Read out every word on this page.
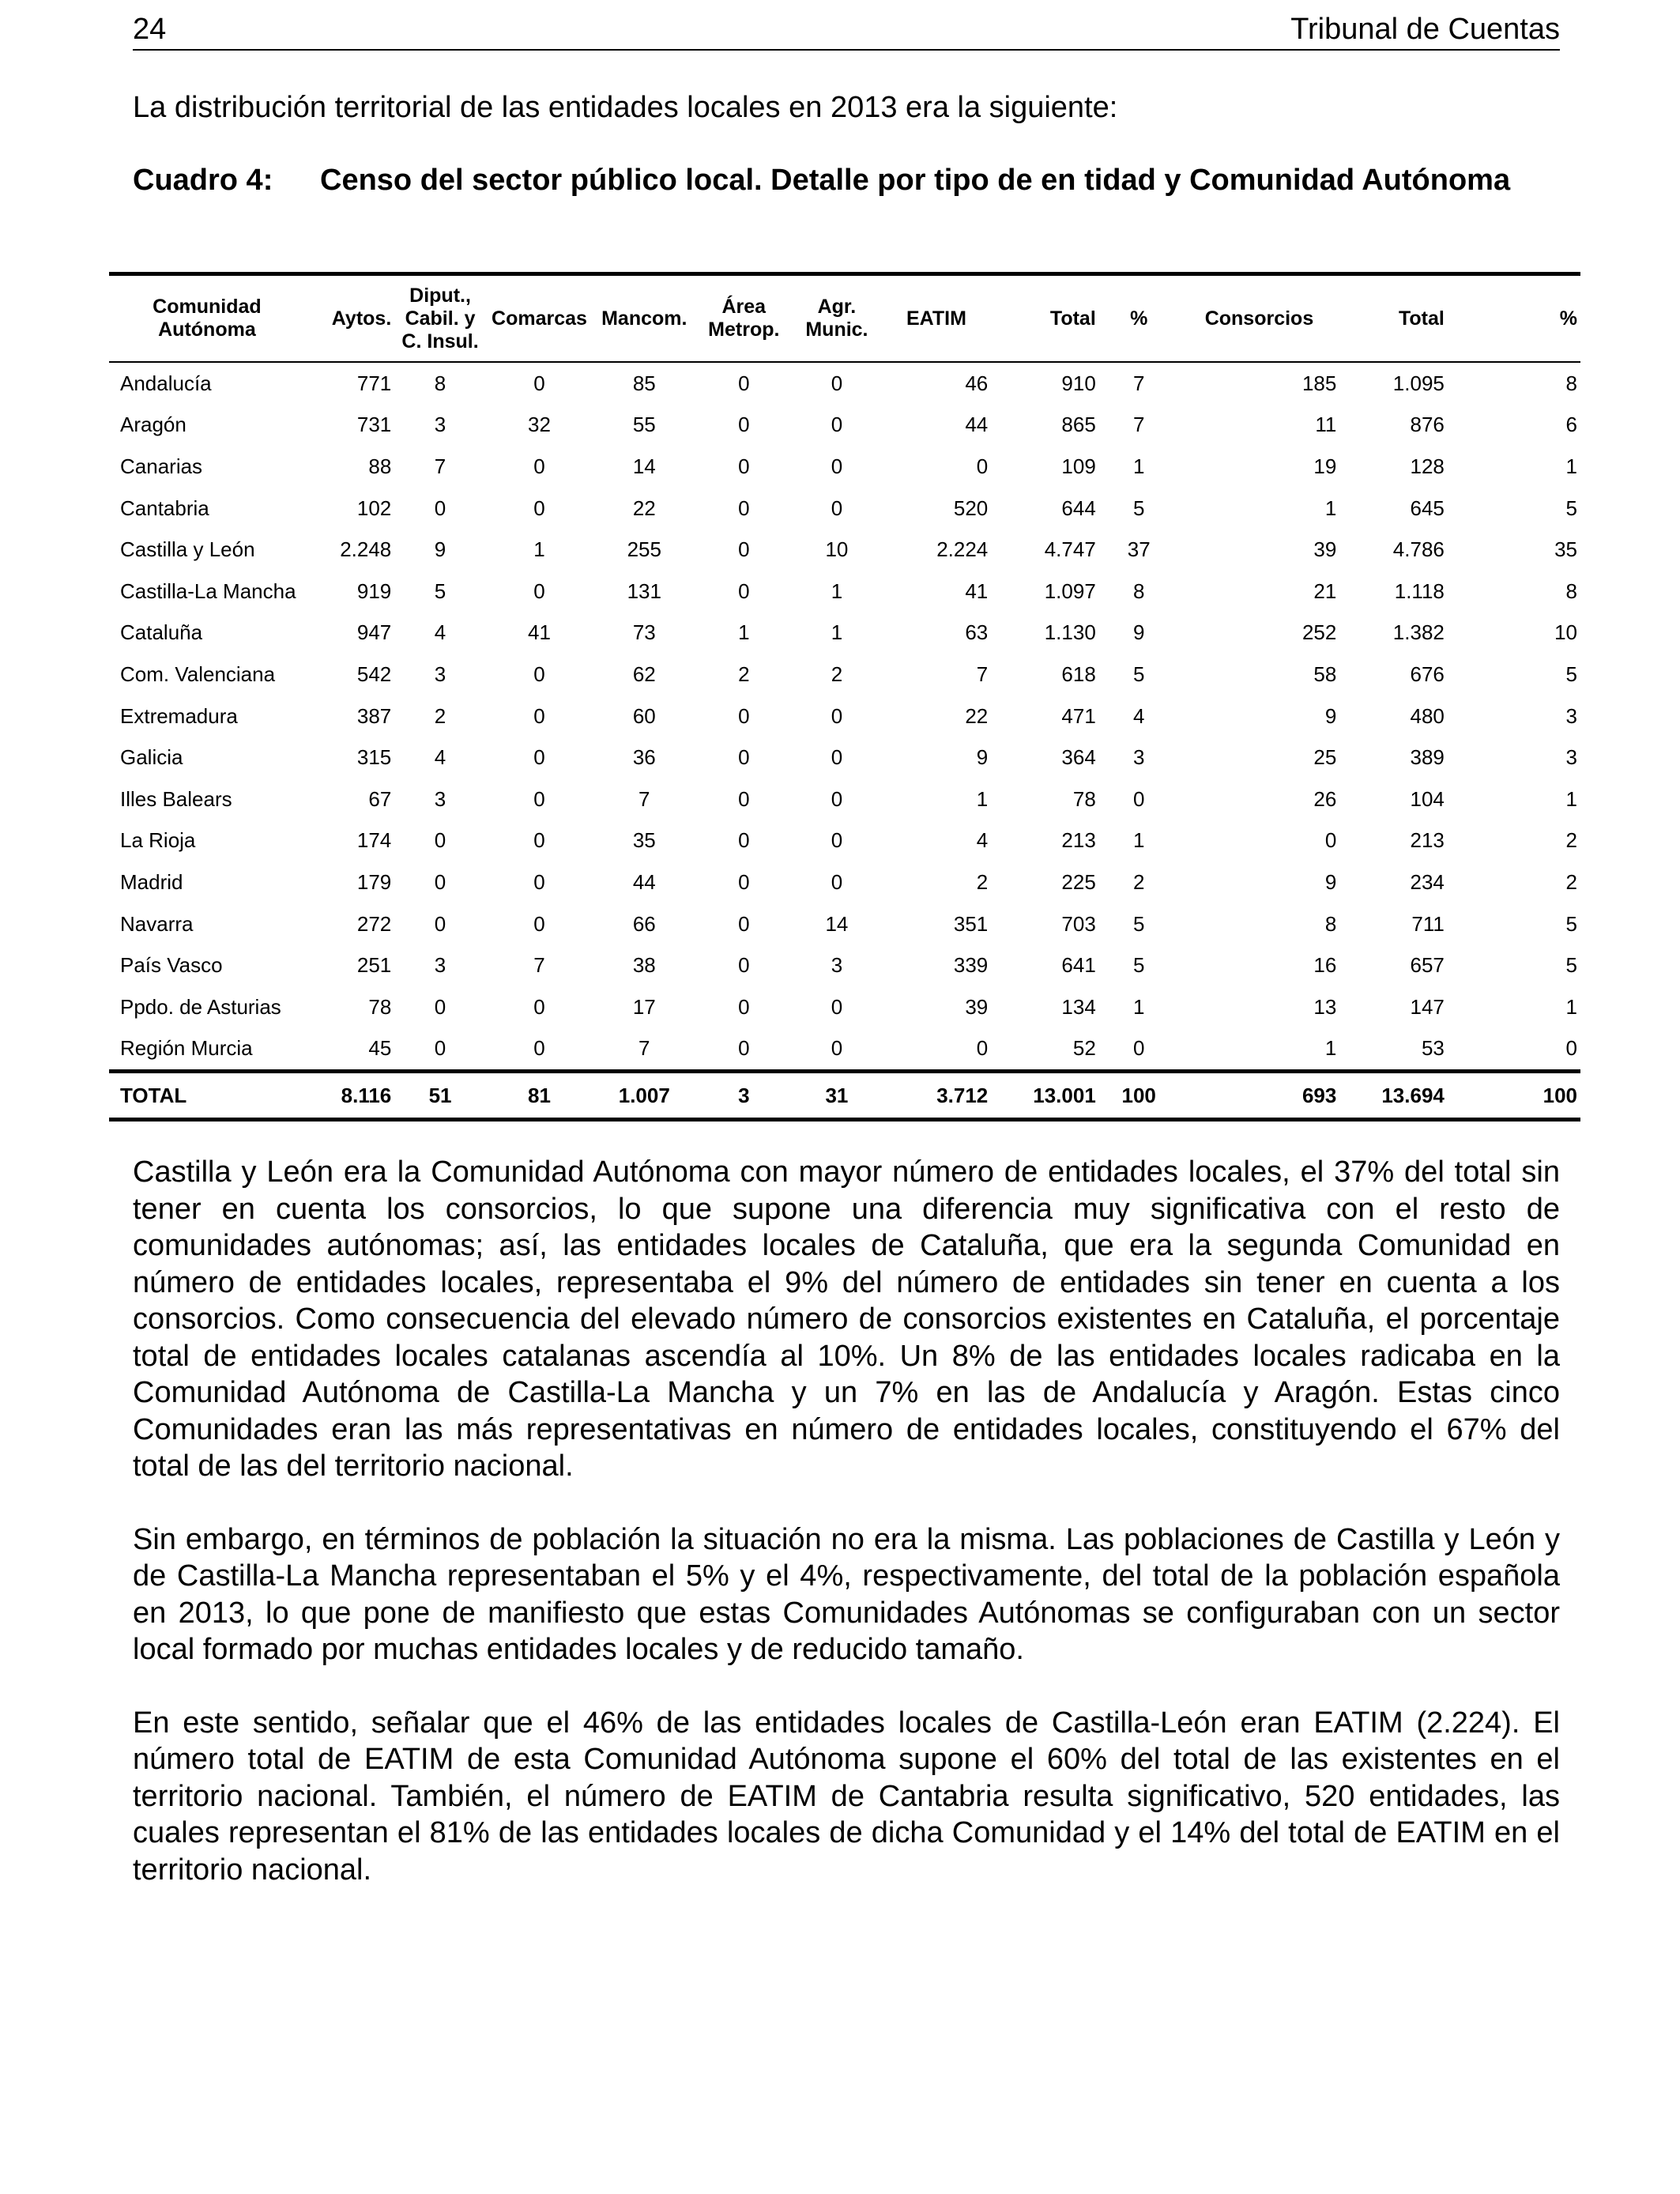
24	Tribunal de Cuentas
La distribución territorial de las entidades locales en 2013 era la siguiente:
Cuadro 4: Censo del sector público local. Detalle por tipo de en tidad y Comunidad Autónoma
Comunidad Autónoma	Aytos.	Diput., Cabil. y C. Insul.	Comarcas	Mancom.	Área Metrop.	Agr. Munic.	EATIM	Total	%	Consorcios	Total	%
Andalucía	771	8	0	85	0	0	46	910	7	185	1.095	8
Aragón	731	3	32	55	0	0	44	865	7	11	876	6
Canarias	88	7	0	14	0	0	0	109	1	19	128	1
Cantabria	102	0	0	22	0	0	520	644	5	1	645	5
Castilla y León	2.248	9	1	255	0	10	2.224	4.747	37	39	4.786	35
Castilla-La Mancha	919	5	0	131	0	1	41	1.097	8	21	1.118	8
Cataluña	947	4	41	73	1	1	63	1.130	9	252	1.382	10
Com. Valenciana	542	3	0	62	2	2	7	618	5	58	676	5
Extremadura	387	2	0	60	0	0	22	471	4	9	480	3
Galicia	315	4	0	36	0	0	9	364	3	25	389	3
Illes Balears	67	3	0	7	0	0	1	78	0	26	104	1
La Rioja	174	0	0	35	0	0	4	213	1	0	213	2
Madrid	179	0	0	44	0	0	2	225	2	9	234	2
Navarra	272	0	0	66	0	14	351	703	5	8	711	5
País Vasco	251	3	7	38	0	3	339	641	5	16	657	5
Ppdo. de Asturias	78	0	0	17	0	0	39	134	1	13	147	1
Región Murcia	45	0	0	7	0	0	0	52	0	1	53	0
TOTAL	8.116	51	81	1.007	3	31	3.712	13.001	100	693	13.694	100

Castilla y León era la Comunidad Autónoma con mayor número de entidades locales, el 37% del total sin tener en cuenta los consorcios, lo que supone una diferencia muy significativa con el resto de comunidades autónomas; así, las entidades locales de Cataluña, que era la segunda Comunidad en número de entidades locales, representaba el 9% del número de entidades sin tener en cuenta a los consorcios. Como consecuencia del elevado número de consorcios existentes en Cataluña, el porcentaje total de entidades locales catalanas ascendía al 10%. Un 8% de las entidades locales radicaba en la Comunidad Autónoma de Castilla-La Mancha y un 7% en las de Andalucía y Aragón. Estas cinco Comunidades eran las más representativas en número de entidades locales, constituyendo el 67% del total de las del territorio nacional.

Sin embargo, en términos de población la situación no era la misma. Las poblaciones de Castilla y León y de Castilla-La Mancha representaban el 5% y el 4%, respectivamente, del total de la población española en 2013, lo que pone de manifiesto que estas Comunidades Autónomas se configuraban con un sector local formado por muchas entidades locales y de reducido tamaño.

En este sentido, señalar que el 46% de las entidades locales de Castilla-León eran EATIM (2.224). El número total de EATIM de esta Comunidad Autónoma supone el 60% del total de las existentes en el territorio nacional. También, el número de EATIM de Cantabria resulta significativo, 520 entidades, las cuales representan el 81% de las entidades locales de dicha Comunidad y el 14% del total de EATIM en el territorio nacional.
